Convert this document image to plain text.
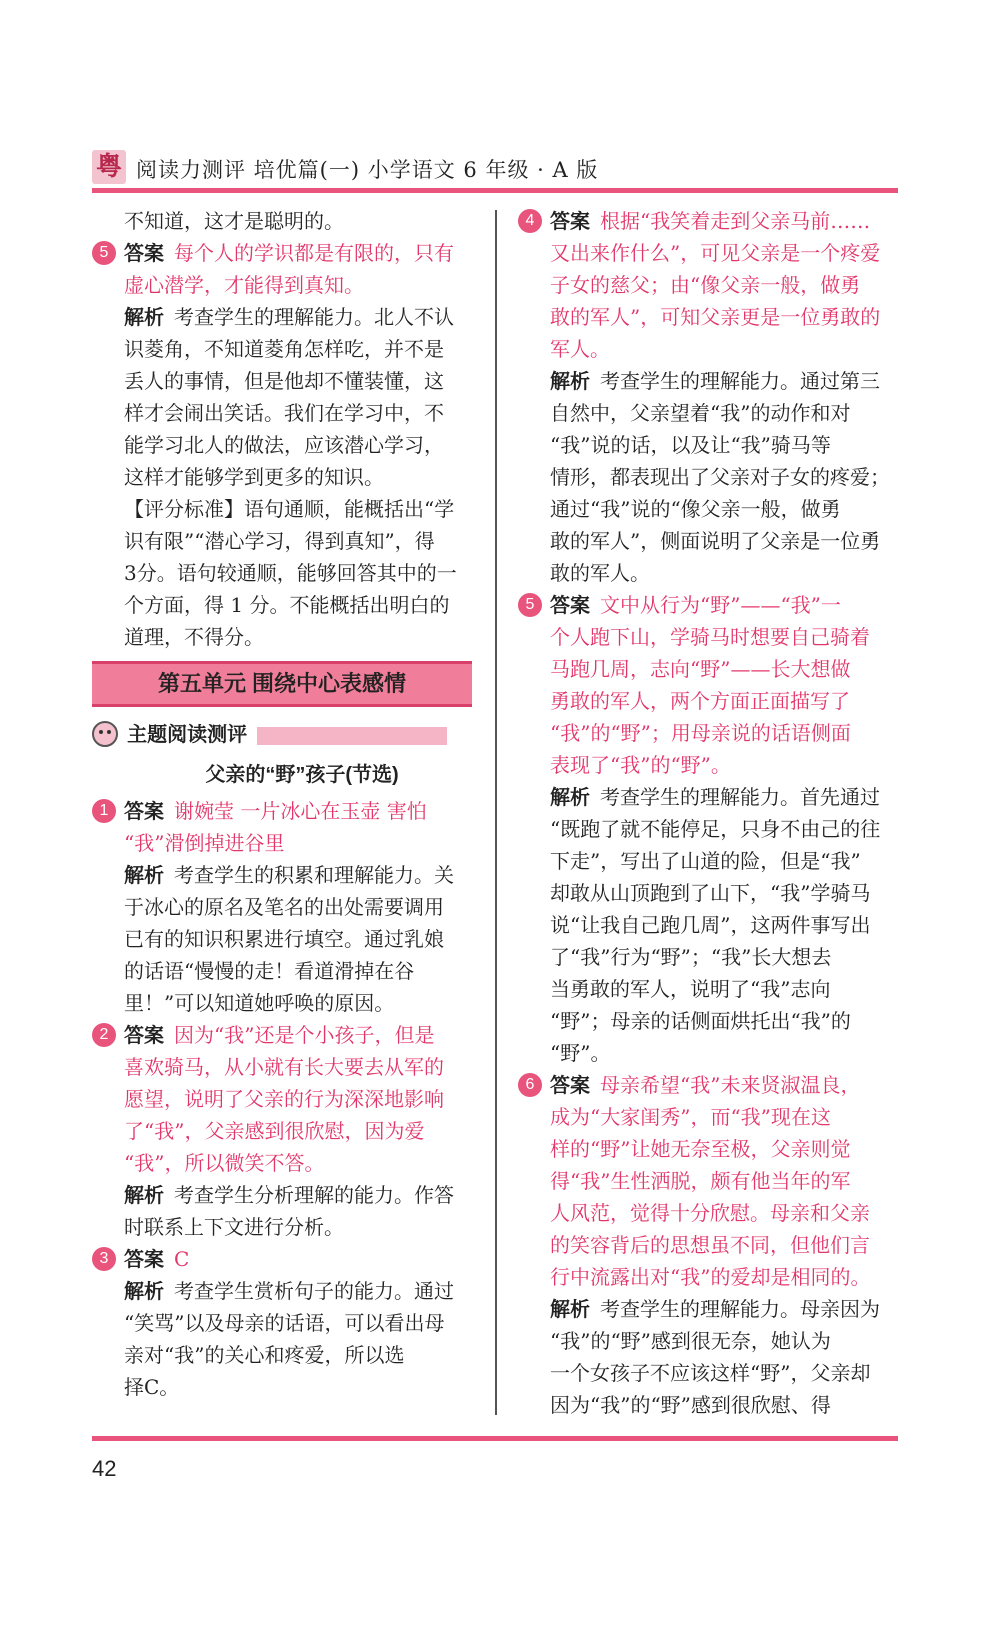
粤 阅读力测评 培优篇(一) 小学语文 6 年级 · A 版
不知道，这才是聪明的。
5 答案 每个人的学识都是有限的，只有
虚心潜学，才能得到真知。
解析 考查学生的理解能力。北人不认
识菱角，不知道菱角怎样吃，并不是
丢人的事情，但是他却不懂装懂，这
样才会闹出笑话。我们在学习中，不
能学习北人的做法，应该潜心学习，
这样才能够学到更多的知识。
【评分标准】语句通顺，能概括出“学
识有限”“潜心学习，得到真知”，得
3分。语句较通顺，能够回答其中的一
个方面，得 1 分。不能概括出明白的
道理，不得分。
第五单元 围绕中心表感情
主题阅读测评
父亲的“野”孩子(节选)
1 答案 谢婉莹 一片冰心在玉壶 害怕
“我”滑倒掉进谷里
解析 考查学生的积累和理解能力。关
于冰心的原名及笔名的出处需要调用
已有的知识积累进行填空。通过乳娘
的话语“慢慢的走！看道滑掉在谷
里！”可以知道她呼唤的原因。
2 答案 因为“我”还是个小孩子，但是
喜欢骑马，从小就有长大要去从军的
愿望，说明了父亲的行为深深地影响
了“我”，父亲感到很欣慰，因为爱
“我”，所以微笑不答。
解析 考查学生分析理解的能力。作答
时联系上下文进行分析。
3 答案 C
解析 考查学生赏析句子的能力。通过
“笑骂”以及母亲的话语，可以看出母
亲对“我”的关心和疼爱，所以选
择C。
4 答案 根据“我笑着走到父亲马前……
又出来作什么”，可见父亲是一个疼爱
子女的慈父；由“像父亲一般，做勇
敢的军人”，可知父亲更是一位勇敢的
军人。
解析 考查学生的理解能力。通过第三
自然中，父亲望着“我”的动作和对
“我”说的话，以及让“我”骑马等
情形，都表现出了父亲对子女的疼爱；
通过“我”说的“像父亲一般，做勇
敢的军人”，侧面说明了父亲是一位勇
敢的军人。
5 答案 文中从行为“野”——“我”一
个人跑下山，学骑马时想要自己骑着
马跑几周，志向“野”——长大想做
勇敢的军人，两个方面正面描写了
“我”的“野”；用母亲说的话语侧面
表现了“我”的“野”。
解析 考查学生的理解能力。首先通过
“既跑了就不能停足，只身不由己的往
下走”，写出了山道的险，但是“我”
却敢从山顶跑到了山下，“我”学骑马
说“让我自己跑几周”，这两件事写出
了“我”行为“野”；“我”长大想去
当勇敢的军人，说明了“我”志向
“野”；母亲的话侧面烘托出“我”的
“野”。
6 答案 母亲希望“我”未来贤淑温良，
成为“大家闺秀”，而“我”现在这
样的“野”让她无奈至极，父亲则觉
得“我”生性洒脱，颇有他当年的军
人风范，觉得十分欣慰。母亲和父亲
的笑容背后的思想虽不同，但他们言
行中流露出对“我”的爱却是相同的。
解析 考查学生的理解能力。母亲因为
“我”的“野”感到很无奈，她认为
一个女孩子不应该这样“野”，父亲却
因为“我”的“野”感到很欣慰、得
42
